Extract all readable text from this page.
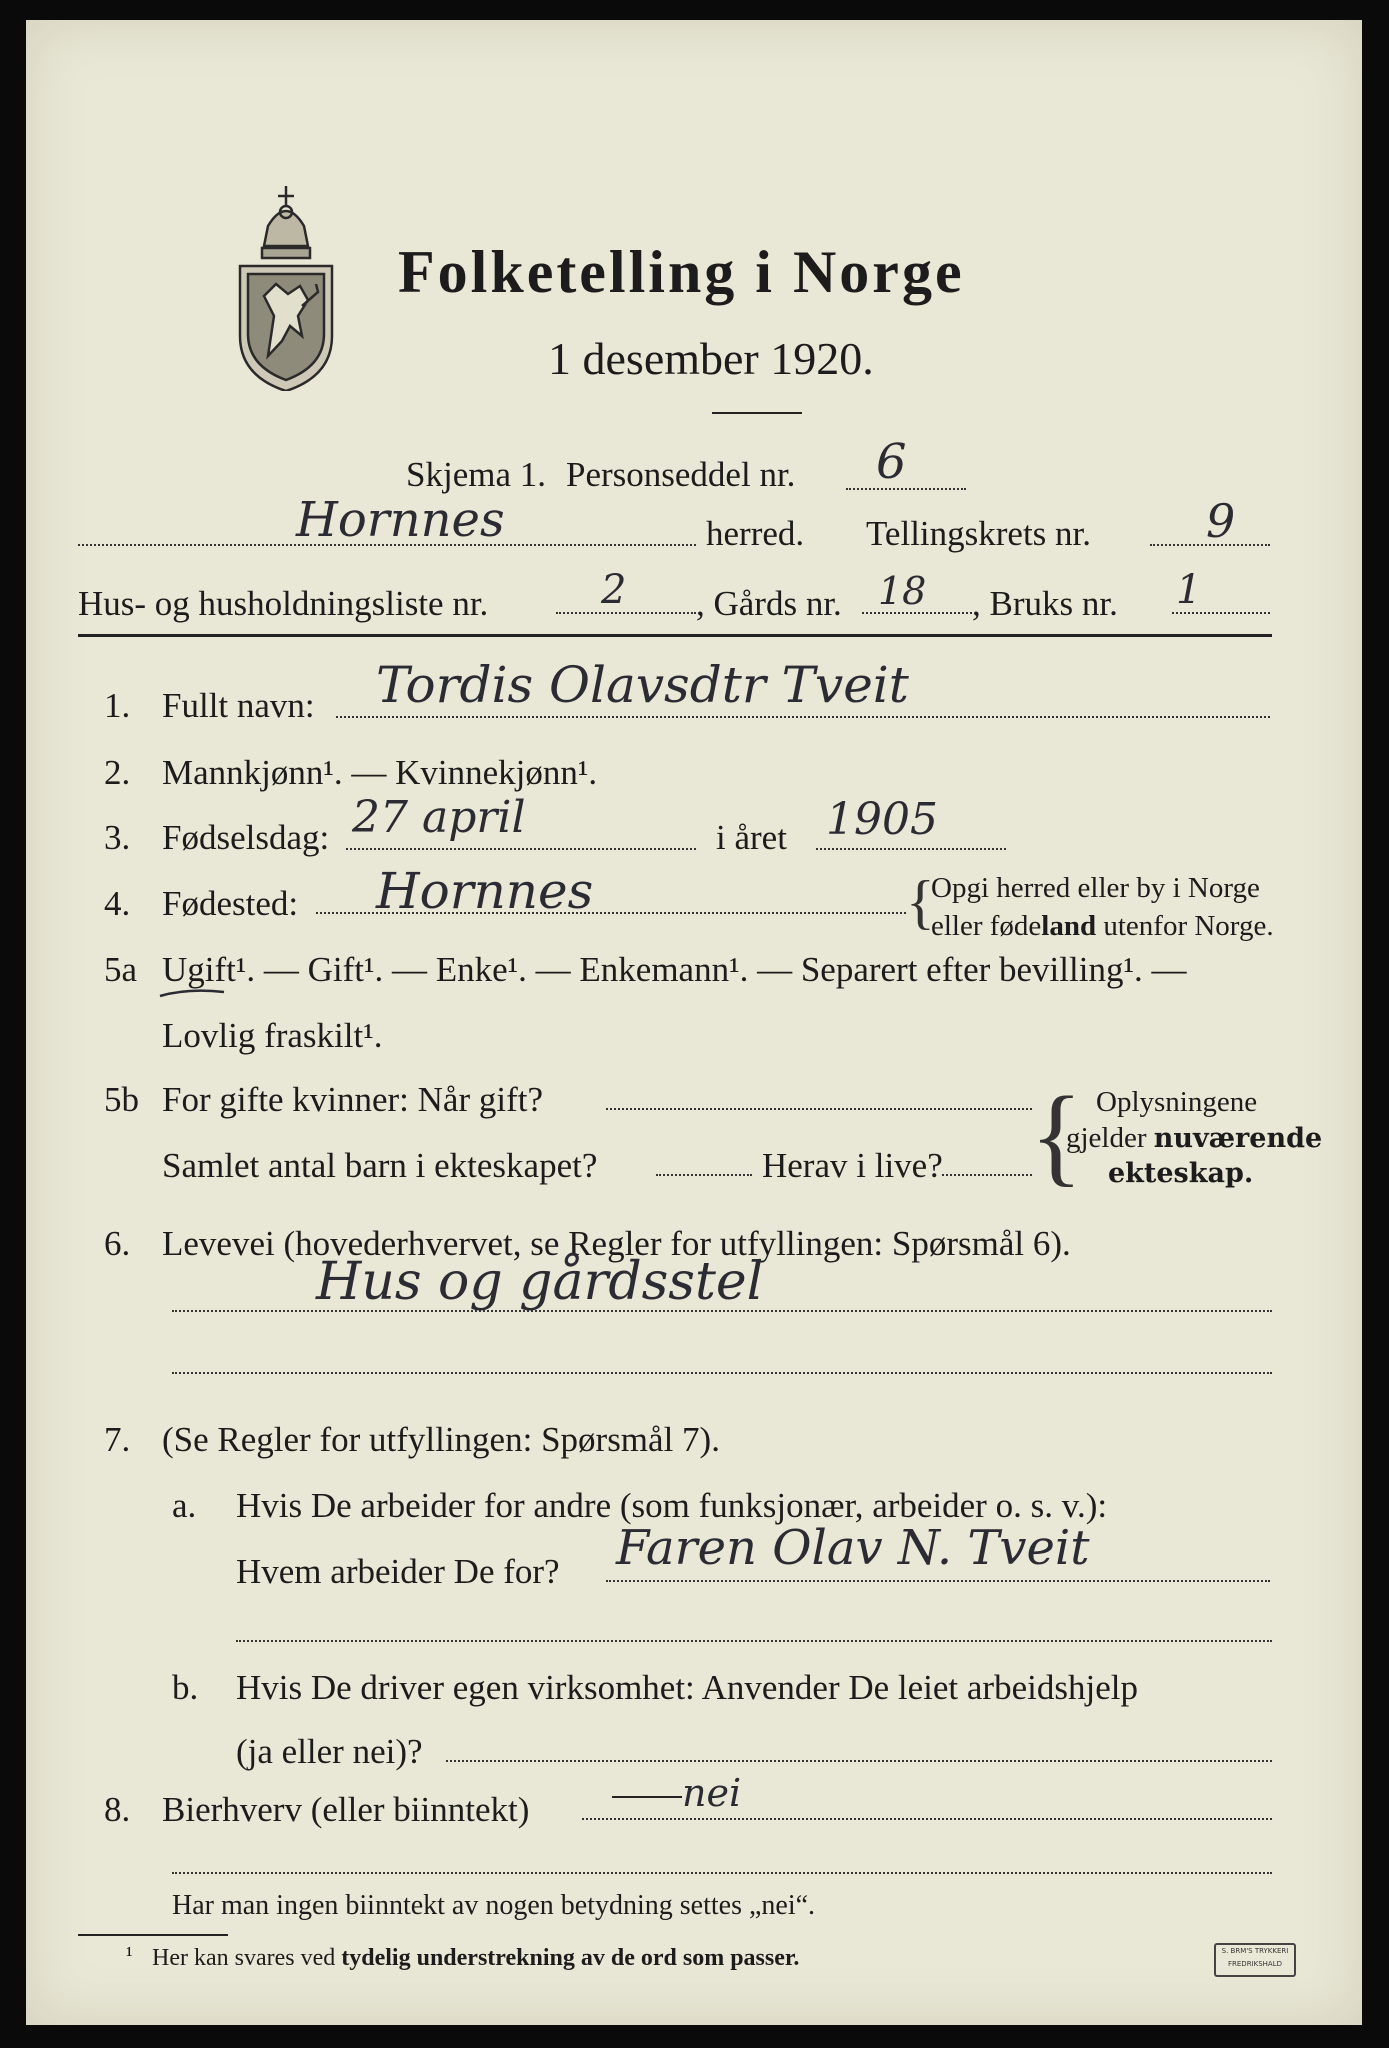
Folketelling i Norge
1 desember 1920.
Skjema 1. Personseddel nr. 6
Hornnes	herred. Tellingskrets nr. 9
Hus- og husholdningsliste nr.	2 , Gårds nr. 18 , Bruks nr. 1
1. Fullt navn: Tordis Olavsdtr Tveit
2. Mannkjønn¹. — Kvinnekjønn¹.
3. Fødselsdag: 27 april	i året 1905
4. Fødested: Hornnes	{
Opgi herred eller by i Norge
eller fødeland utenfor Norge.
5a Ugift¹. — Gift¹. — Enke¹. — Enkemann¹. — Separert efter bevilling¹. —
Lovlig fraskilt¹.
5b For gifte kvinner: Når gift?
Samlet antal barn i ekteskapet?	Herav i live? { Oplysningene
gjelder nuværende
ekteskap.
6. Levevei (hovederhvervet, se Regler for utfyllingen: Spørsmål 6).
Hus og gårdsstel
7. (Se Regler for utfyllingen: Spørsmål 7).
a. Hvis De arbeider for andre (som funksjonær, arbeider o. s. v.):
Hvem arbeider De for? Faren Olav N. Tveit
b. Hvis De driver egen virksomhet: Anvender De leiet arbeidshjelp
(ja eller nei)?
8. Bierhverv (eller biinntekt)	nei
Har man ingen biinntekt av nogen betydning settes „nei“.
¹ Her kan svares ved tydelig understrekning av de ord som passer.	S. BRM'S TRYKKERI FREDRIKSHALD
